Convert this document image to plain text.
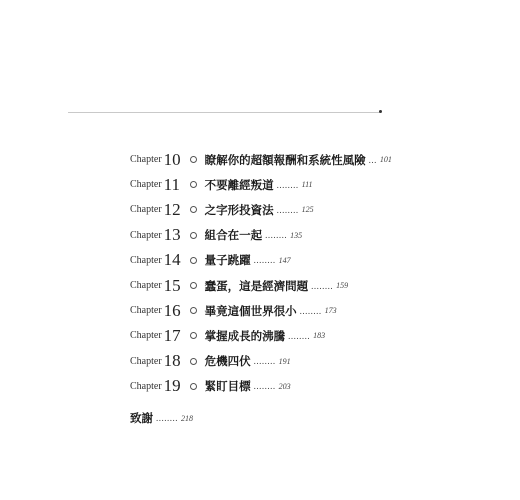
Chapter 10	瞭解你的超額報酬和系統性風險 ... 101
Chapter 11	不要離經叛道 ........ 111
Chapter 12	之字形投資法 ........ 125
Chapter 13	組合在一起 ........ 135
Chapter 14	量子跳躍 ........ 147
Chapter 15	蠢蛋，這是經濟問題 ........ 159
Chapter 16	畢竟這個世界很小 ........ 173
Chapter 17	掌握成長的沸騰 ........ 183
Chapter 18	危機四伏 ........ 191
Chapter 19	緊盯目標 ........ 203
致謝 ........ 218
